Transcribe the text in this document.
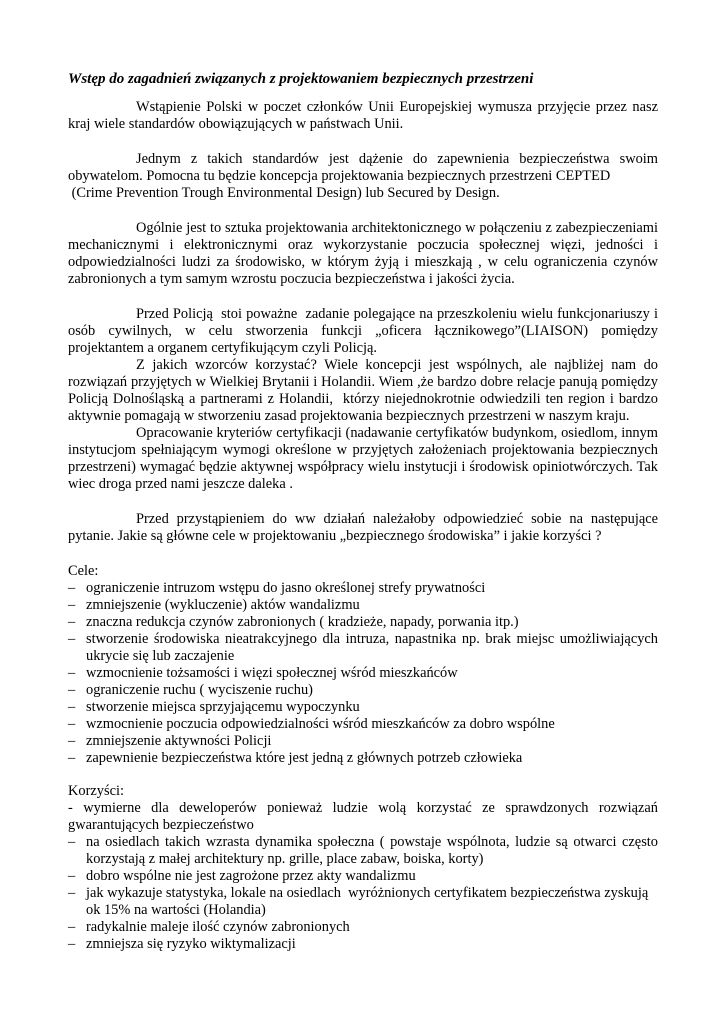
Wstęp do zagadnień związanych z projektowaniem bezpiecznych przestrzeni
Wstąpienie Polski w poczet członków Unii Europejskiej wymusza przyjęcie przez nasz kraj wiele standardów obowiązujących w państwach Unii.
Jednym z takich standardów jest dążenie do zapewnienia bezpieczeństwa swoim obywatelom. Pomocna tu będzie koncepcja projektowania bezpiecznych przestrzeni CEPTED
(Crime Prevention Trough Environmental Design) lub Secured by Design.
Ogólnie jest to sztuka projektowania architektonicznego w połączeniu z zabezpieczeniami mechanicznymi i elektronicznymi oraz wykorzystanie poczucia społecznej więzi, jedności i odpowiedzialności ludzi za środowisko, w którym żyją i mieszkają , w celu ograniczenia czynów zabronionych a tym samym wzrostu poczucia bezpieczeństwa i jakości życia.
Przed Policją  stoi poważne  zadanie polegające na przeszkoleniu wielu funkcjonariuszy i osób cywilnych, w celu stworzenia funkcji „oficera łącznikowego”(LIAISON) pomiędzy projektantem a organem certyfikującym czyli Policją.
Z jakich wzorców korzystać? Wiele koncepcji jest wspólnych, ale najbliżej nam do rozwiązań przyjętych w Wielkiej Brytanii i Holandii. Wiem ,że bardzo dobre relacje panują pomiędzy Policją Dolnośląską a partnerami z Holandii,  którzy niejednokrotnie odwiedzili ten region i bardzo aktywnie pomagają w stworzeniu zasad projektowania bezpiecznych przestrzeni w naszym kraju.
Opracowanie kryteriów certyfikacji (nadawanie certyfikatów budynkom, osiedlom, innym instytucjom spełniającym wymogi określone w przyjętych założeniach projektowania bezpiecznych przestrzeni) wymagać będzie aktywnej współpracy wielu instytucji i środowisk opiniotwórczych. Tak wiec droga przed nami jeszcze daleka .
Przed przystąpieniem do ww działań należałoby odpowiedzieć sobie na następujące pytanie. Jakie są główne cele w projektowaniu „bezpiecznego środowiska” i jakie korzyści ?
Cele:
– ograniczenie intruzom wstępu do jasno określonej strefy prywatności
– zmniejszenie (wykluczenie) aktów wandalizmu
– znaczna redukcja czynów zabronionych ( kradzieże, napady, porwania itp.)
– stworzenie środowiska nieatrakcyjnego dla intruza, napastnika np. brak miejsc umożliwiających ukrycie się lub zaczajenie
– wzmocnienie tożsamości i więzi społecznej wśród mieszkańców
– ograniczenie ruchu ( wyciszenie ruchu)
– stworzenie miejsca sprzyjającemu wypoczynku
– wzmocnienie poczucia odpowiedzialności wśród mieszkańców za dobro wspólne
– zmniejszenie aktywności Policji
– zapewnienie bezpieczeństwa które jest jedną z głównych potrzeb człowieka
Korzyści:
- wymierne dla deweloperów ponieważ ludzie wolą korzystać ze sprawdzonych rozwiązań gwarantujących bezpieczeństwo
– na osiedlach takich wzrasta dynamika społeczna ( powstaje wspólnota, ludzie są otwarci często korzystają z małej architektury np. grille, place zabaw, boiska, korty)
– dobro wspólne nie jest zagrożone przez akty wandalizmu
– jak wykazuje statystyka, lokale na osiedlach  wyróżnionych certyfikatem bezpieczeństwa zyskują ok 15% na wartości (Holandia)
– radykalnie maleje ilość czynów zabronionych
– zmniejsza się ryzyko wiktymalizacji
